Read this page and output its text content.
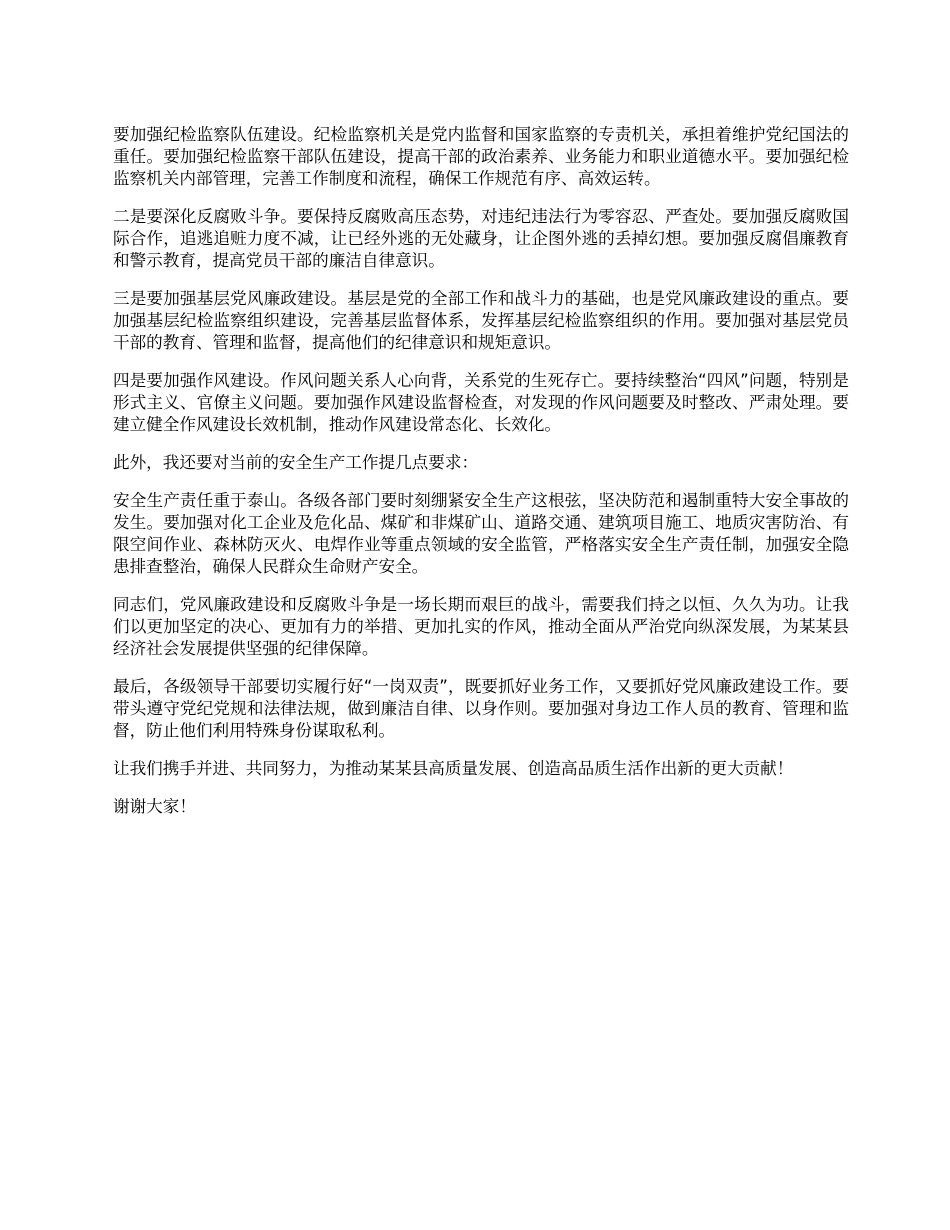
要加强纪检监察队伍建设。纪检监察机关是党内监督和国家监察的专责机关，承担着维护党纪国法的重任。要加强纪检监察干部队伍建设，提高干部的政治素养、业务能力和职业道德水平。要加强纪检监察机关内部管理，完善工作制度和流程，确保工作规范有序、高效运转。

二是要深化反腐败斗争。要保持反腐败高压态势，对违纪违法行为零容忍、严查处。要加强反腐败国际合作，追逃追赃力度不减，让已经外逃的无处藏身，让企图外逃的丢掉幻想。要加强反腐倡廉教育和警示教育，提高党员干部的廉洁自律意识。

三是要加强基层党风廉政建设。基层是党的全部工作和战斗力的基础，也是党风廉政建设的重点。要加强基层纪检监察组织建设，完善基层监督体系，发挥基层纪检监察组织的作用。要加强对基层党员干部的教育、管理和监督，提高他们的纪律意识和规矩意识。

四是要加强作风建设。作风问题关系人心向背，关系党的生死存亡。要持续整治“四风”问题，特别是形式主义、官僚主义问题。要加强作风建设监督检查，对发现的作风问题要及时整改、严肃处理。要建立健全作风建设长效机制，推动作风建设常态化、长效化。

此外，我还要对当前的安全生产工作提几点要求：

安全生产责任重于泰山。各级各部门要时刻绷紧安全生产这根弦，坚决防范和遏制重特大安全事故的发生。要加强对化工企业及危化品、煤矿和非煤矿山、道路交通、建筑项目施工、地质灾害防治、有限空间作业、森林防灭火、电焊作业等重点领域的安全监管，严格落实安全生产责任制，加强安全隐患排查整治，确保人民群众生命财产安全。

同志们，党风廉政建设和反腐败斗争是一场长期而艰巨的战斗，需要我们持之以恒、久久为功。让我们以更加坚定的决心、更加有力的举措、更加扎实的作风，推动全面从严治党向纵深发展，为某某县经济社会发展提供坚强的纪律保障。

最后，各级领导干部要切实履行好“一岗双责”，既要抓好业务工作，又要抓好党风廉政建设工作。要带头遵守党纪党规和法律法规，做到廉洁自律、以身作则。要加强对身边工作人员的教育、管理和监督，防止他们利用特殊身份谋取私利。

让我们携手并进、共同努力，为推动某某县高质量发展、创造高品质生活作出新的更大贡献！

谢谢大家！
